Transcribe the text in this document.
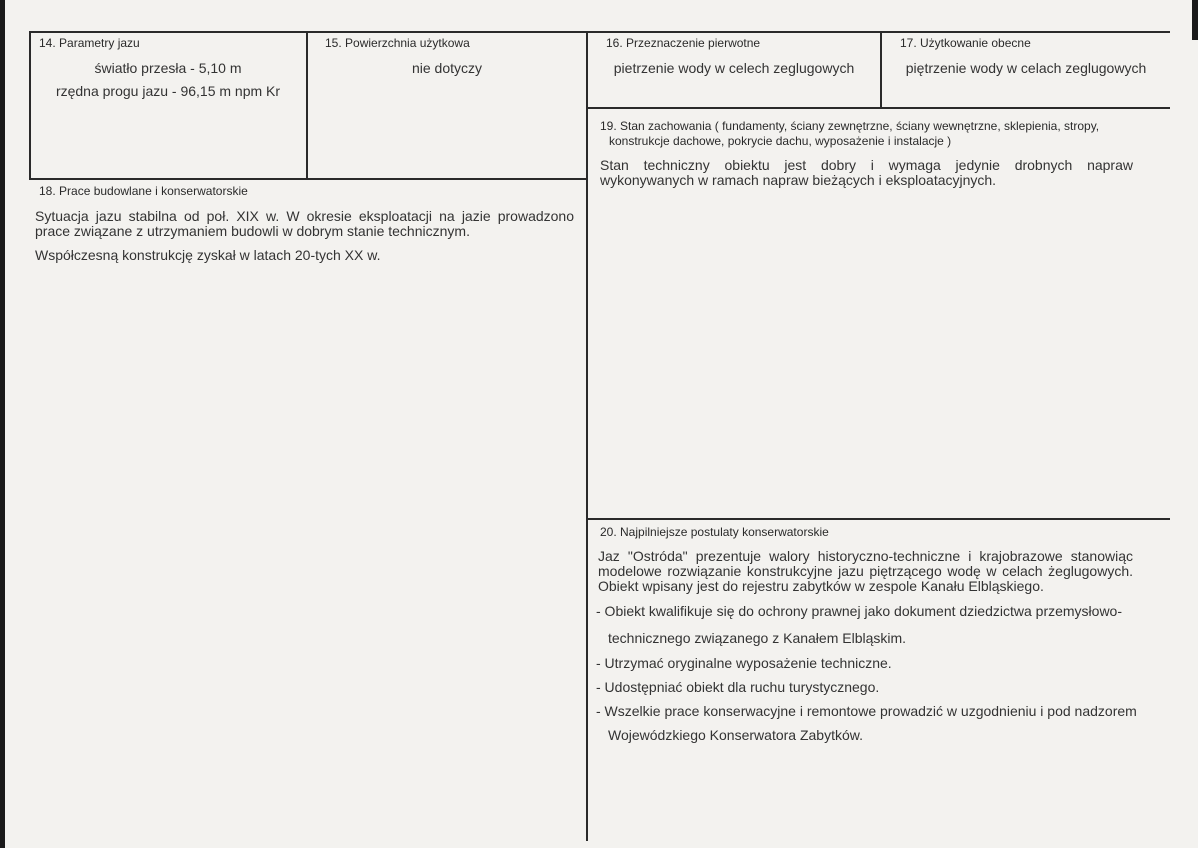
14. Parametry jazu
światło przesła - 5,10 m
rzędna progu jazu - 96,15 m npm Kr
15. Powierzchnia użytkowa
nie dotyczy
16. Przeznaczenie pierwotne
pietrzenie wody w celech zeglugowych
17. Użytkowanie obecne
piętrzenie wody w celach zeglugowych
18. Prace budowlane i konserwatorskie
Sytuacja jazu stabilna od poł. XIX w. W okresie eksploatacji na jazie prowadzono prace związane z utrzymaniem budowli w dobrym stanie technicznym.
Współczesną konstrukcję zyskał w latach 20-tych XX w.
19. Stan zachowania ( fundamenty, ściany zewnętrzne, ściany wewnętrzne, sklepienia, stropy,
konstrukcje dachowe, pokrycie dachu, wyposażenie i instalacje )
Stan techniczny obiektu jest dobry i wymaga jedynie drobnych napraw wykonywanych w ramach napraw bieżących i eksploatacyjnych.
20. Najpilniejsze postulaty konserwatorskie
Jaz "Ostróda" prezentuje walory historyczno-techniczne i krajobrazowe stanowiąc modelowe rozwiązanie konstrukcyjne jazu piętrzącego wodę w celach żeglugowych. Obiekt wpisany jest do rejestru zabytków w zespole Kanału Elbląskiego.
- Obiekt kwalifikuje się do ochrony prawnej jako dokument dziedzictwa przemysłowo-
technicznego związanego z Kanałem Elbląskim.
- Utrzymać oryginalne wyposażenie techniczne.
- Udostępniać obiekt dla ruchu turystycznego.
- Wszelkie prace konserwacyjne i remontowe prowadzić w uzgodnieniu i pod nadzorem
Wojewódzkiego Konserwatora Zabytków.
